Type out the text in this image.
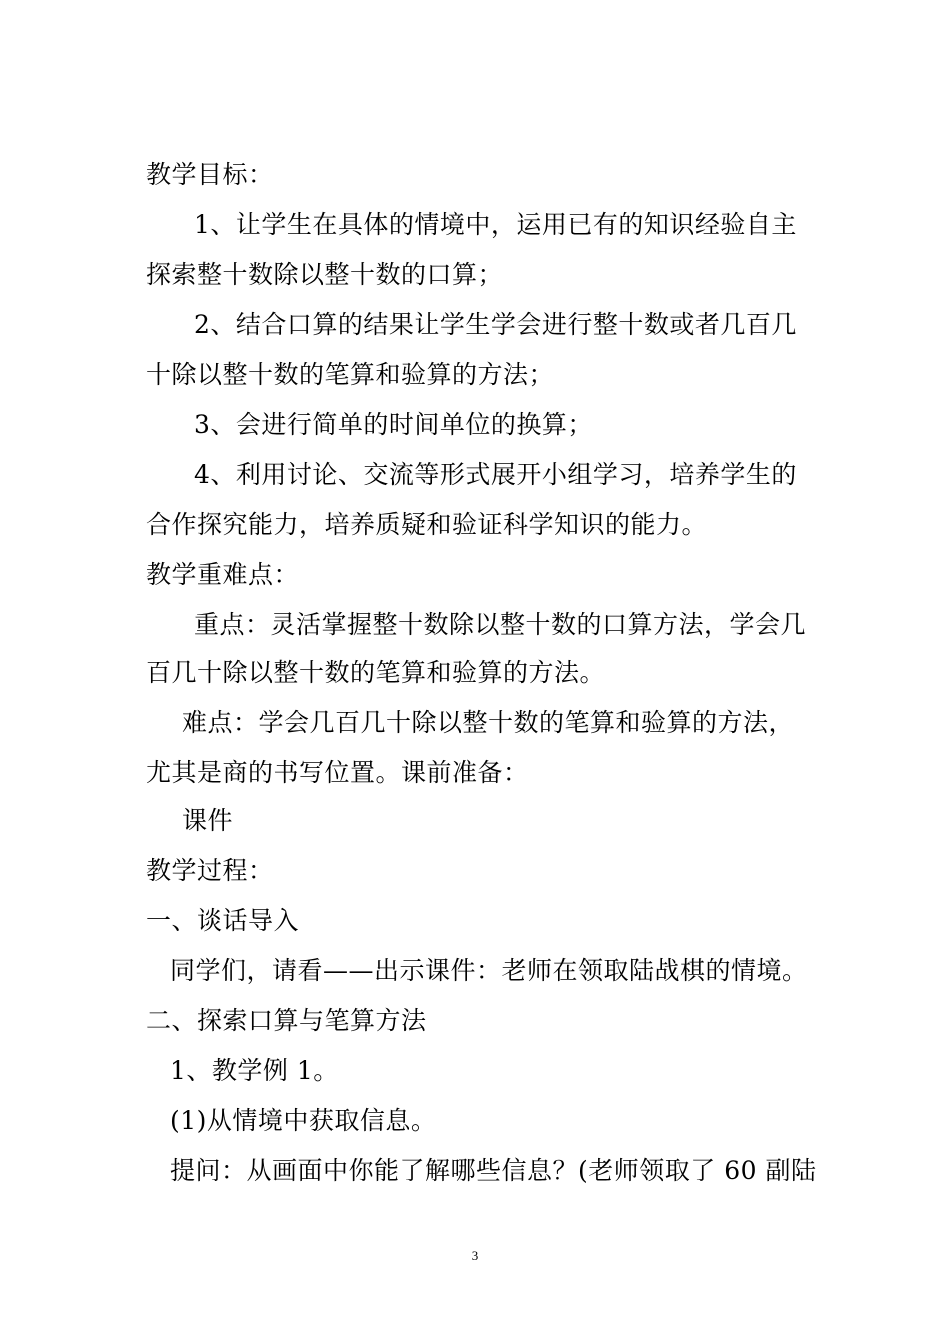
教学目标：
1、让学生在具体的情境中，运用已有的知识经验自主
探索整十数除以整十数的口算；
2、结合口算的结果让学生学会进行整十数或者几百几
十除以整十数的笔算和验算的方法；
3、会进行简单的时间单位的换算；
4、利用讨论、交流等形式展开小组学习，培养学生的
合作探究能力，培养质疑和验证科学知识的能力。
教学重难点：
重点：灵活掌握整十数除以整十数的口算方法，学会几
百几十除以整十数的笔算和验算的方法。
难点：学会几百几十除以整十数的笔算和验算的方法，
尤其是商的书写位置。课前准备：
课件
教学过程：
一、谈话导入
同学们，请看——出示课件：老师在领取陆战棋的情境。
二、探索口算与笔算方法
1、教学例 1。
(1)从情境中获取信息。
提问：从画面中你能了解哪些信息？(老师领取了 60 副陆
3
